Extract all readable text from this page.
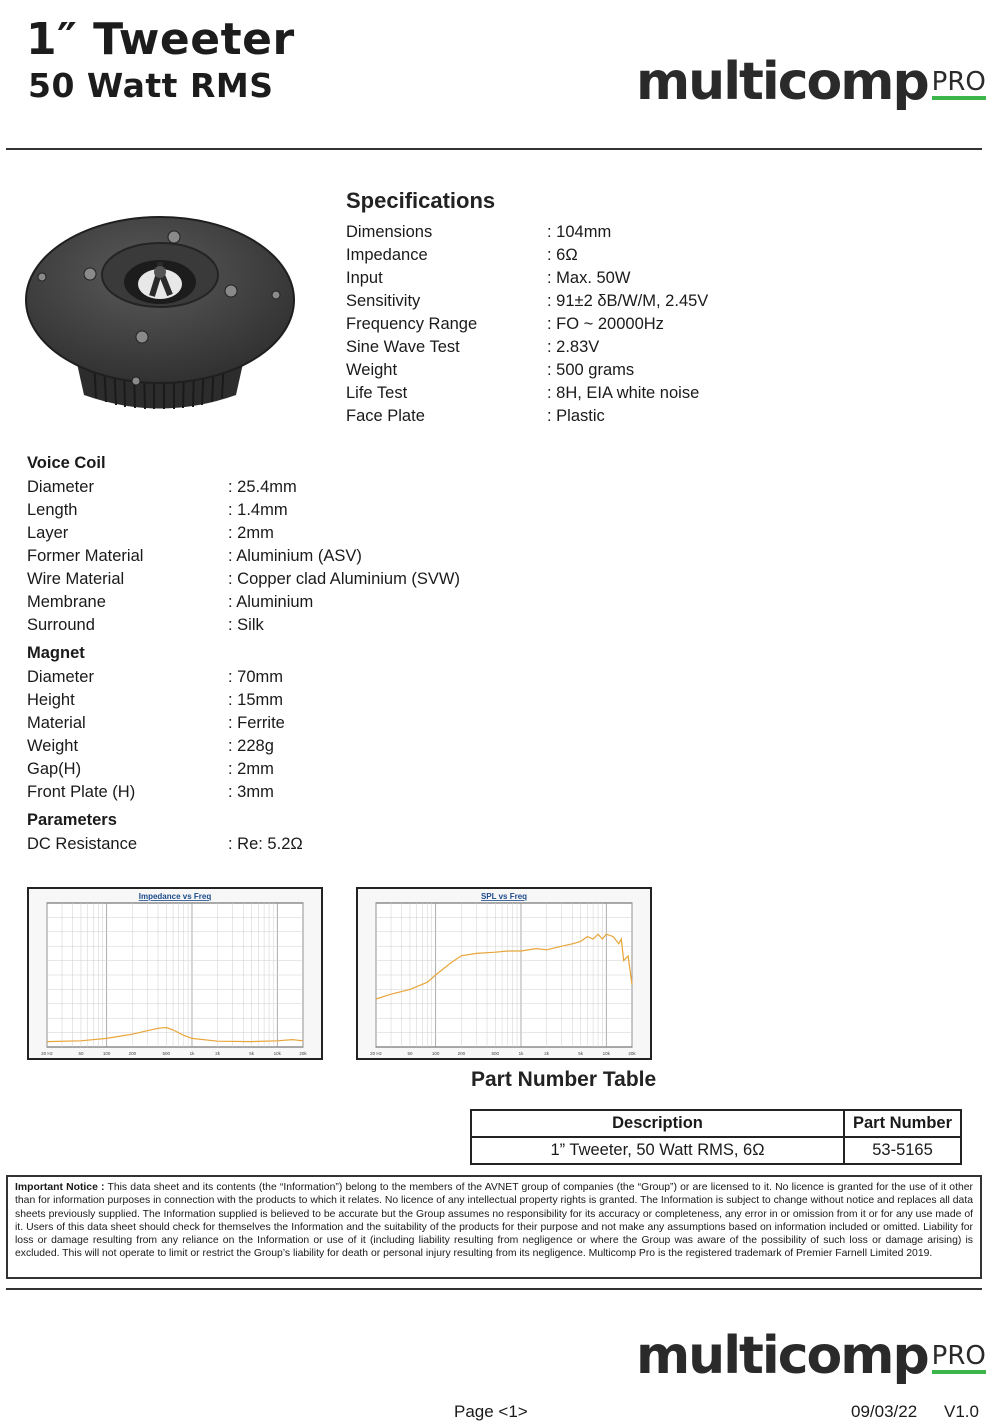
1″ Tweeter
50 Watt RMS	multicomp PRO
Specifications
Dimensions	: 104mm
Impedance	: 6Ω
Input	: Max. 50W
Sensitivity	: 91±2 δB/W/M, 2.45V
Frequency Range	: FO ~ 20000Hz
Sine Wave Test	: 2.83V
Weight	: 500 grams
Life Test	: 8H, EIA white noise
Face Plate	: Plastic
Voice Coil
Diameter	: 25.4mm
Length	: 1.4mm
Layer	: 2mm
Former Material	: Aluminium (ASV)
Wire Material	: Copper clad Aluminium (SVW)
Membrane	: Aluminium
Surround	: Silk
Magnet
Diameter	: 70mm
Height	: 15mm
Material	: Ferrite
Weight	: 228g
Gap(H)	: 2mm
Front Plate (H)	: 3mm
Parameters
DC Resistance	: Re: 5.2Ω
Impedance vs Freq
20 Hz	50	100	200	500	1k	2k	5k	10k	20k
SPL vs Freq
20 Hz	50	100	200	500	1k	2k	5k	10k	20k
Part Number Table
Description	Part Number
1” Tweeter, 50 Watt RMS, 6Ω	53-5165
Important Notice : This data sheet and its contents (the “Information”) belong to the members of the AVNET group of companies (the “Group”) or are licensed to it. No licence is granted for the use of it other than for information purposes in connection with the products to which it relates. No licence of any intellectual property rights is granted. The Information is subject to change without notice and replaces all data sheets previously supplied. The Information supplied is believed to be accurate but the Group assumes no responsibility for its accuracy or completeness, any error in or omission from it or for any use made of it. Users of this data sheet should check for themselves the Information and the suitability of the products for their purpose and not make any assumptions based on information included or omitted. Liability for loss or damage resulting from any reliance on the Information or use of it (including liability resulting from negligence or where the Group was aware of the possibility of such loss or damage arising) is excluded. This will not operate to limit or restrict the Group’s liability for death or personal injury resulting from its negligence. Multicomp Pro is the registered trademark of Premier Farnell Limited 2019.
multicomp PRO
Page <1>	09/03/22 V1.0
